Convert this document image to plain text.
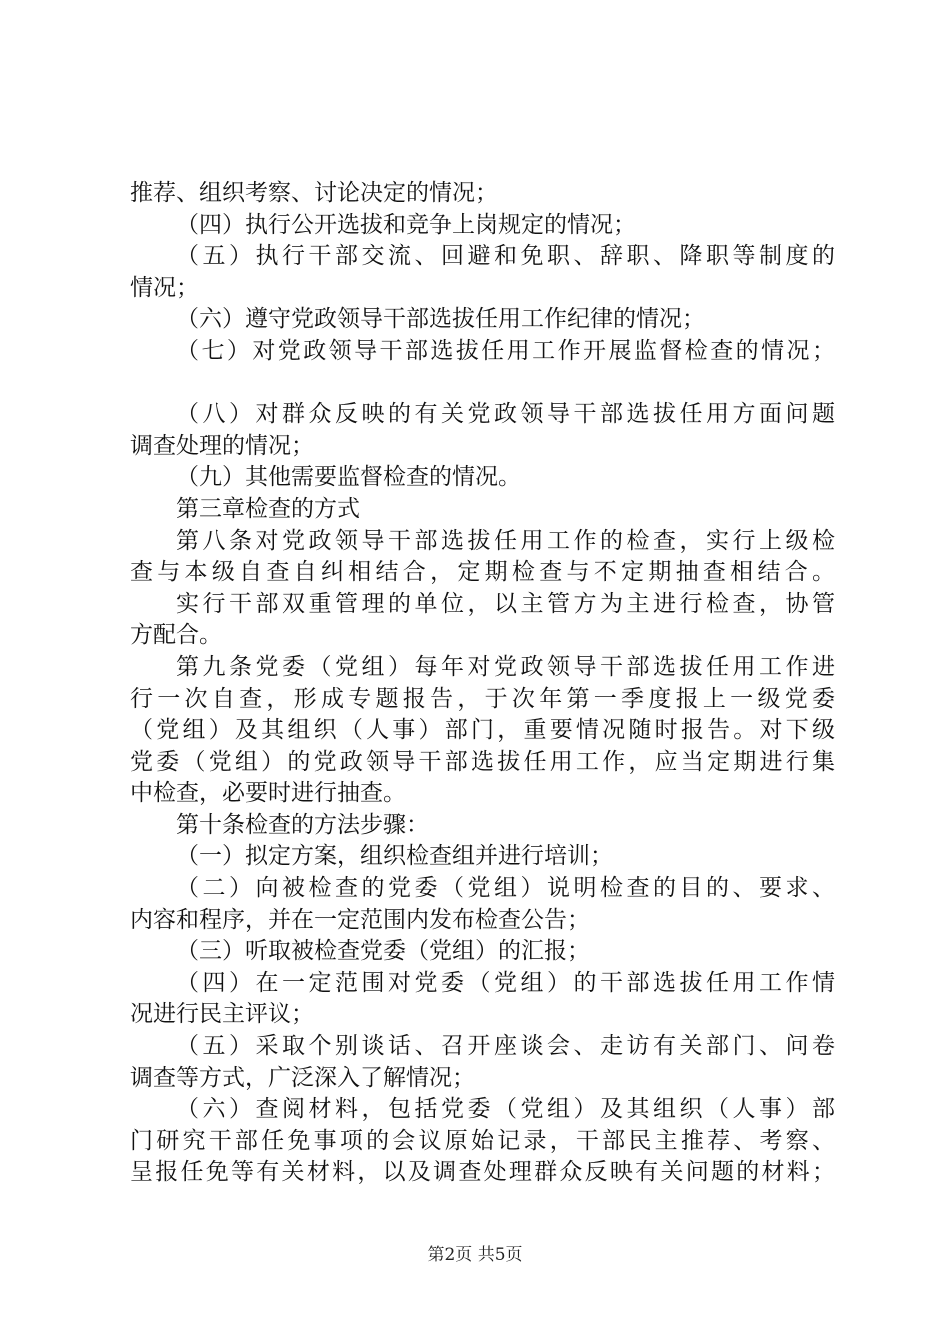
推荐、组织考察、讨论决定的情况；
（四）执行公开选拔和竞争上岗规定的情况；
（五）执行干部交流、回避和免职、辞职、降职等制度的
情况；
（六）遵守党政领导干部选拔任用工作纪律的情况；
（七）对党政领导干部选拔任用工作开展监督检查的情况；
（八）对群众反映的有关党政领导干部选拔任用方面问题
调查处理的情况；
（九）其他需要监督检查的情况。
第三章检查的方式
第八条对党政领导干部选拔任用工作的检查，实行上级检
查与本级自查自纠相结合，定期检查与不定期抽查相结合。
实行干部双重管理的单位，以主管方为主进行检查，协管
方配合。
第九条党委（党组）每年对党政领导干部选拔任用工作进
行一次自查，形成专题报告，于次年第一季度报上一级党委
（党组）及其组织（人事）部门，重要情况随时报告。对下级
党委（党组）的党政领导干部选拔任用工作，应当定期进行集
中检查，必要时进行抽查。
第十条检查的方法步骤：
（一）拟定方案，组织检查组并进行培训；
（二）向被检查的党委（党组）说明检查的目的、要求、
内容和程序，并在一定范围内发布检查公告；
（三）听取被检查党委（党组）的汇报；
（四）在一定范围对党委（党组）的干部选拔任用工作情
况进行民主评议；
（五）采取个别谈话、召开座谈会、走访有关部门、问卷
调查等方式，广泛深入了解情况；
（六）查阅材料，包括党委（党组）及其组织（人事）部
门研究干部任免事项的会议原始记录，干部民主推荐、考察、
呈报任免等有关材料，以及调查处理群众反映有关问题的材料；
第2页 共5页
